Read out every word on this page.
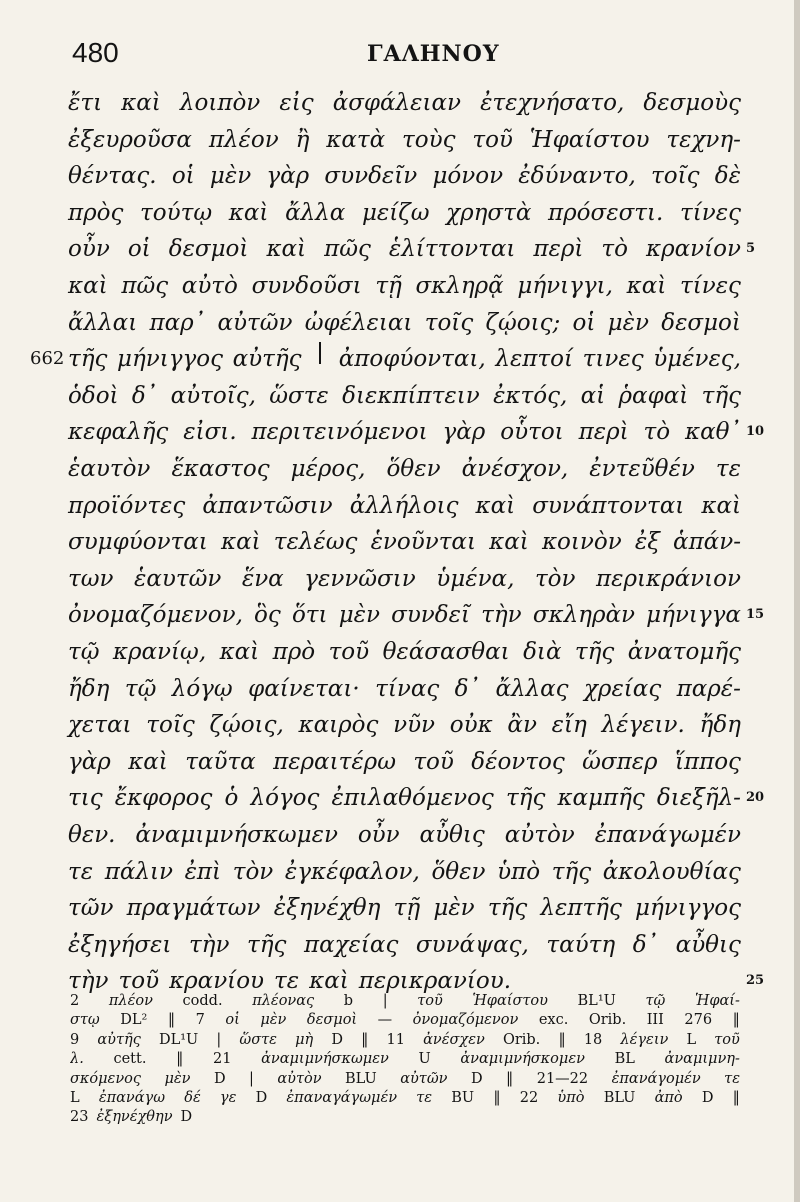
480	ΓΑΛΗΝΟΥ
ἔτι καὶ λοιπὸν εἰς ἀσφάλειαν ἐτεχνήσατο, δεσμοὺς
ἐξευροῦσα πλέον ἢ κατὰ τοὺς τοῦ Ἡφαίστου τεχνη-
θέντας. οἱ μὲν γὰρ συνδεῖν μόνον ἐδύναντο, τοῖς δὲ
πρὸς τούτῳ καὶ ἄλλα μείζω χρηστὰ πρόσεστι. τίνες
οὖν οἱ δεσμοὶ καὶ πῶς ἑλίττονται περὶ τὸ κρανίον
καὶ πῶς αὐτὸ συνδοῦσι τῇ σκληρᾷ μήνιγγι, καὶ τίνες
ἄλλαι παρ᾽ αὐτῶν ὠφέλειαι τοῖς ζῴοις; οἱ μὲν δεσμοὶ
τῆς μήνιγγος αὐτῆς ἀποφύονται, λεπτοί τινες ὑμένες,
ὁδοὶ δ᾽ αὐτοῖς, ὥστε διεκπίπτειν ἐκτός, αἱ ῥαφαὶ τῆς
κεφαλῆς εἰσι. περιτεινόμενοι γὰρ οὗτοι περὶ τὸ καθ᾽
ἑαυτὸν ἕκαστος μέρος, ὅθεν ἀνέσχον, ἐντεῦθέν τε
προϊόντες ἀπαντῶσιν ἀλλήλοις καὶ συνάπτονται καὶ
συμφύονται καὶ τελέως ἑνοῦνται καὶ κοινὸν ἐξ ἁπάν-
των ἑαυτῶν ἕνα γεννῶσιν ὑμένα, τὸν περικράνιον
ὀνομαζόμενον, ὃς ὅτι μὲν συνδεῖ τὴν σκληρὰν μήνιγγα
τῷ κρανίῳ, καὶ πρὸ τοῦ θεάσασθαι διὰ τῆς ἀνατομῆς
ἤδη τῷ λόγῳ φαίνεται· τίνας δ᾽ ἄλλας χρείας παρέ-
χεται τοῖς ζῴοις, καιρὸς νῦν οὐκ ἂν εἴη λέγειν. ἤδη
γὰρ καὶ ταῦτα περαιτέρω τοῦ δέοντος ὥσπερ ἵππος
τις ἔκφορος ὁ λόγος ἐπιλαθόμενος τῆς καμπῆς διεξῆλ-
θεν. ἀναμιμνήσκωμεν οὖν αὖθις αὐτὸν ἐπανάγωμέν
τε πάλιν ἐπὶ τὸν ἐγκέφαλον, ὅθεν ὑπὸ τῆς ἀκολουθίας
τῶν πραγμάτων ἐξηνέχθη τῇ μὲν τῆς λεπτῆς μήνιγγος
ἐξηγήσει τὴν τῆς παχείας συνάψας, ταύτη δ᾽ αὖθις
τὴν τοῦ κρανίου τε καὶ περικρανίου.
5
10
15
20
25
662
2 πλέον codd. πλέονας b | τοῦ Ἡφαίστου BL¹U τῷ Ἡφαί-
στῳ DL² ‖ 7 οἱ μὲν δεσμοὶ — ὀνομαζόμενον exc. Orib. III 276 ‖
9 αὐτῆς DL¹U | ὥστε μὴ D ‖ 11 ἀνέσχεν Orib. ‖ 18 λέγειν L τοῦ
λ. cett. ‖ 21 ἀναμιμνήσκωμεν U ἀναμιμνήσκομεν BL ἀναμιμνη-
σκόμενος μὲν D | αὐτὸν BLU αὐτῶν D ‖ 21—22 ἐπανάγομέν τε
L ἐπανάγω δέ γε D ἐπαναγάγωμέν τε BU ‖ 22 ὑπὸ BLU ἀπὸ D ‖
23 ἐξηνέχθην D
